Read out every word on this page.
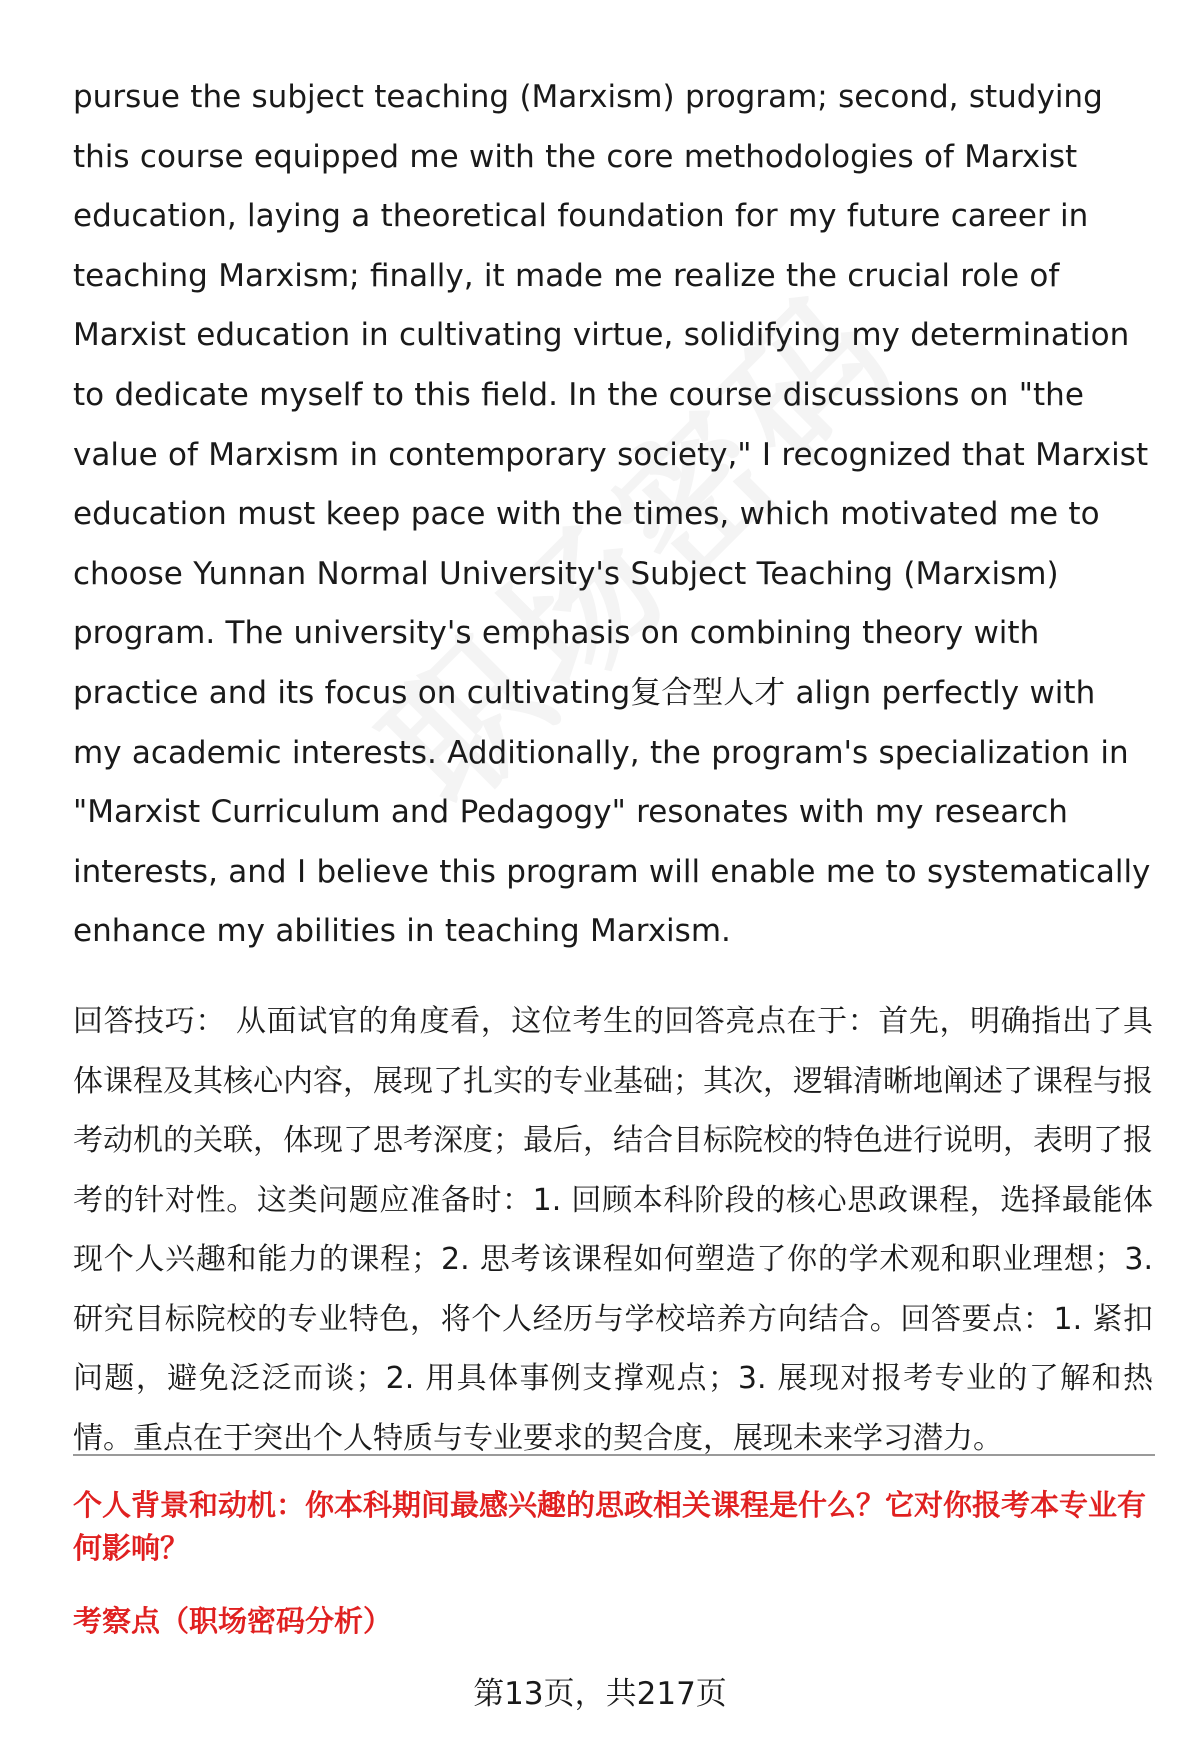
pursue the subject teaching (Marxism) program; second, studying this course equipped me with the core methodologies of Marxist education, laying a theoretical foundation for my future career in teaching Marxism; finally, it made me realize the crucial role of Marxist education in cultivating virtue, solidifying my determination to dedicate myself to this field. In the course discussions on "the value of Marxism in contemporary society," I recognized that Marxist education must keep pace with the times, which motivated me to choose Yunnan Normal University's Subject Teaching (Marxism) program. The university's emphasis on combining theory with practice and its focus on cultivating复合型人才 align perfectly with my academic interests. Additionally, the program's specialization in "Marxist Curriculum and Pedagogy" resonates with my research interests, and I believe this program will enable me to systematically enhance my abilities in teaching Marxism.

回答技巧： 从面试官的角度看，这位考生的回答亮点在于：首先，明确指出了具体课程及其核心内容，展现了扎实的专业基础；其次，逻辑清晰地阐述了课程与报考动机的关联，体现了思考深度；最后，结合目标院校的特色进行说明，表明了报考的针对性。这类问题应准备时：1. 回顾本科阶段的核心思政课程，选择最能体现个人兴趣和能力的课程；2. 思考该课程如何塑造了你的学术观和职业理想；3. 研究目标院校的专业特色，将个人经历与学校培养方向结合。回答要点：1. 紧扣问题，避免泛泛而谈；2. 用具体事例支撑观点；3. 展现对报考专业的了解和热情。重点在于突出个人特质与专业要求的契合度，展现未来学习潜力。

个人背景和动机：你本科期间最感兴趣的思政相关课程是什么？它对你报考本专业有何影响？

考察点（职场密码分析）

第13页，共217页
